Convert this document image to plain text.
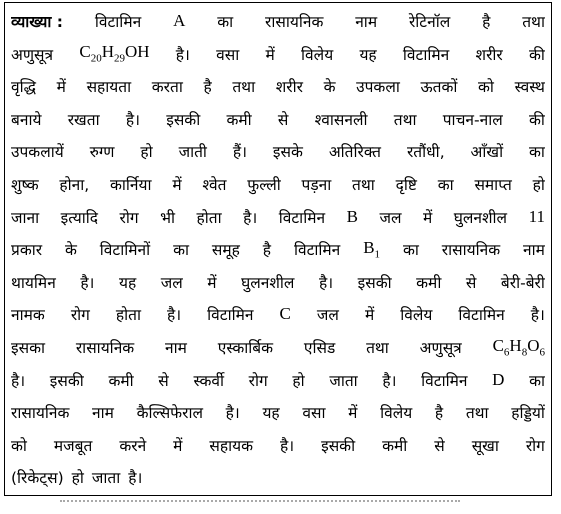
व्याख्या : विटामिन A का रासायनिक नाम रेटिनॉल है तथा
अणुसूत्र $C_{20}H_{29}OH$ है। वसा में विलेय यह विटामिन शरीर की
वृद्धि में सहायता करता है तथा शरीर के उपकला ऊतकों को स्वस्थ
बनाये रखता है। इसकी कमी से श्वासनली तथा पाचन-नाल की
उपकलायें रुग्ण हो जाती हैं। इसके अतिरिक्त रतौंधी, आँखों का
शुष्क होना, कार्निया में श्वेत फुल्ली पड़ना तथा दृष्टि का समाप्त हो
जाना इत्यादि रोग भी होता है। विटामिन B जल में घुलनशील 11
प्रकार के विटामिनों का समूह है विटामिन $B_1$ का रासायनिक नाम
थायमिन है। यह जल में घुलनशील है। इसकी कमी से बेरी-बेरी
नामक रोग होता है। विटामिन C जल में विलेय विटामिन है।
इसका रासायनिक नाम एस्कार्बिक एसिड तथा अणुसूत्र $C_6H_8O_6$
है। इसकी कमी से स्कर्वी रोग हो जाता है। विटामिन D का
रासायनिक नाम कैल्सिफेराल है। यह वसा में विलेय है तथा हड्डियों
को मजबूत करने में सहायक है। इसकी कमी से सूखा रोग
(रिकेट्स) हो जाता है।
